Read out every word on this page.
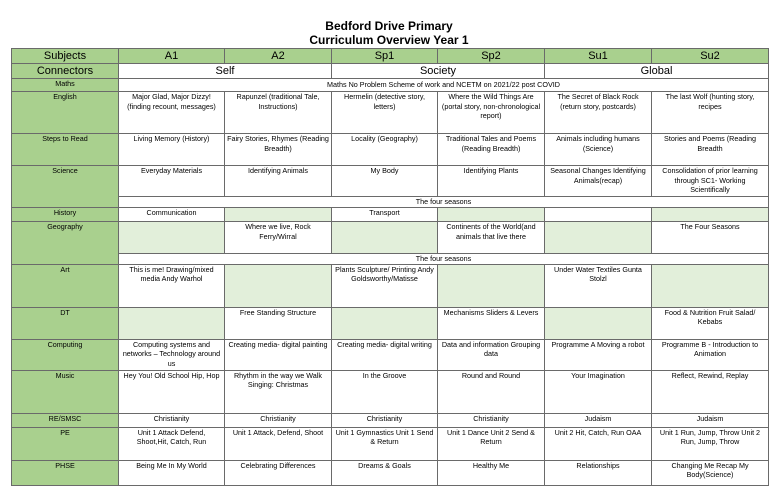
Bedford Drive Primary
Curriculum Overview Year 1
Subjects	A1	A2	Sp1	Sp2	Su1	Su2
Connectors	Self		Society		Global	
Maths	Maths No Problem Scheme of work and NCETM on 2021/22 post COVID					
English	Major Glad, Major Dizzy! (finding recount, messages)	Rapunzel (traditional Tale, Instructions)	Hermelin (detective story, letters)	Where the Wild Things Are (portal story, non-chronological report)	The Secret of Black Rock (return story, postcards)	The last Wolf (hunting story, recipes
Steps to Read	Living Memory (History)	Fairy Stories, Rhymes (Reading Breadth)	Locality (Geography)	Traditional Tales and Poems (Reading Breadth)	Animals including humans (Science)	Stories and Poems (Reading Breadth
Science	Everyday Materials	Identifying Animals	My Body	Identifying Plants	Seasonal Changes Identifying Animals(recap)	Consolidation of prior learning through SC1- Working Scientifically
	The four seasons					
History	Communication		Transport			
Geography		Where we live, Rock Ferry/Wirral		Continents of the World(and animals that live there		The Four Seasons
	The four seasons					
Art	This is me! Drawing/mixed media Andy Warhol		Plants Sculpture/ Printing Andy Goldsworthy/Matisse		Under Water Textiles Gunta Stolzl	
DT		Free Standing Structure		Mechanisms Sliders & Levers		Food & Nutrition Fruit Salad/ Kebabs
Computing	Computing systems and networks – Technology around us	Creating media- digital painting	Creating media- digital writing	Data and information Grouping data	Programme A Moving a robot	Programme B - Introduction to Animation
Music	Hey You! Old School Hip, Hop	Rhythm in the way we Walk Singing: Christmas	In the Groove	Round and Round	Your Imagination	Reflect, Rewind, Replay
RE/SMSC	Christianity	Christianity	Christianity	Christianity	Judaism	Judaism
PE	Unit 1 Attack Defend, Shoot,Hit, Catch, Run	Unit 1 Attack, Defend, Shoot	Unit 1 Gymnastics Unit 1 Send & Return	Unit 1 Dance Unit 2 Send & Return	Unit 2 Hit, Catch, Run OAA	Unit 1 Run, Jump, Throw Unit 2 Run, Jump, Throw
PHSE	Being Me In My World	Celebrating Differences	Dreams & Goals	Healthy Me	Relationships	Changing Me Recap My Body(Science)
